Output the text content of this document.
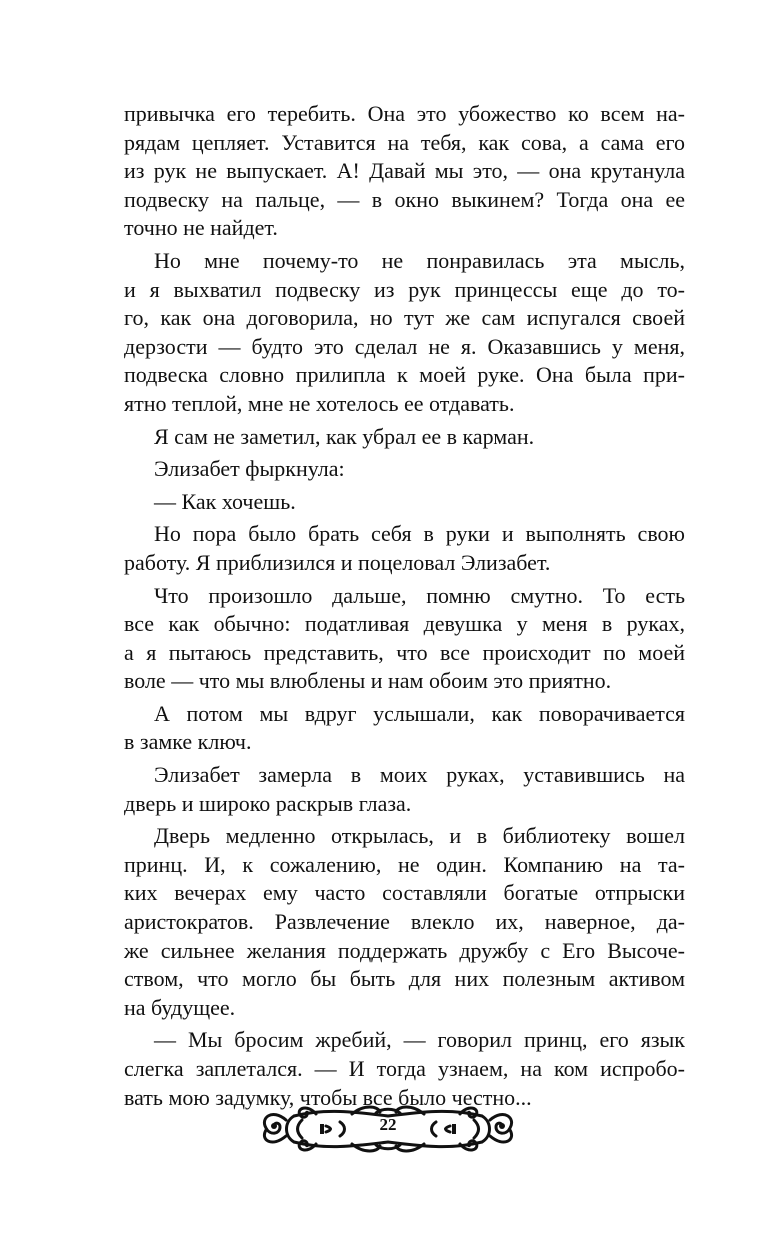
привычка его теребить. Она это убожество ко всем на-
рядам цепляет. Уставится на тебя, как сова, а сама его
из рук не выпускает. А! Давай мы это, — она крутанула
подвеску на пальце, — в окно выкинем? Тогда она ее
точно не найдет.
Но мне почему-то не понравилась эта мысль,
и я выхватил подвеску из рук принцессы еще до то-
го, как она договорила, но тут же сам испугался своей
дерзости — будто это сделал не я. Оказавшись у меня,
подвеска словно прилипла к моей руке. Она была при-
ятно теплой, мне не хотелось ее отдавать.
Я сам не заметил, как убрал ее в карман.
Элизабет фыркнула:
— Как хочешь.
Но пора было брать себя в руки и выполнять свою
работу. Я приблизился и поцеловал Элизабет.
Что произошло дальше, помню смутно. То есть
все как обычно: податливая девушка у меня в руках,
а я пытаюсь представить, что все происходит по моей
воле — что мы влюблены и нам обоим это приятно.
А потом мы вдруг услышали, как поворачивается
в замке ключ.
Элизабет замерла в моих руках, уставившись на
дверь и широко раскрыв глаза.
Дверь медленно открылась, и в библиотеку вошел
принц. И, к сожалению, не один. Компанию на та-
ких вечерах ему часто составляли богатые отпрыски
аристократов. Развлечение влекло их, наверное, да-
же сильнее желания поддержать дружбу с Его Высоче-
ством, что могло бы быть для них полезным активом
на будущее.
— Мы бросим жребий, — говорил принц, его язык
слегка заплетался. — И тогда узнаем, на ком испробо-
вать мою задумку, чтобы все было честно...
22
